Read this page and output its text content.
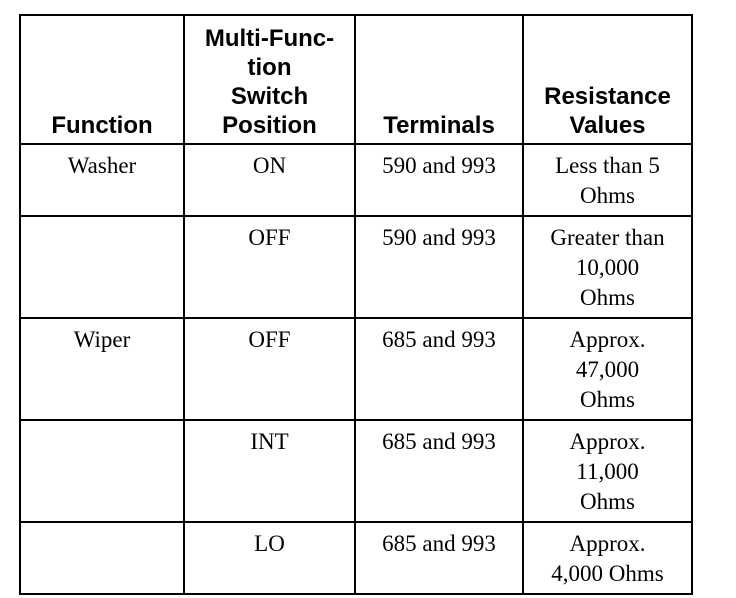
Function	Multi-Func-
tion
Switch
Position	Terminals	Resistance
Values
Washer	ON	590 and 993	Less than 5
Ohms
	OFF	590 and 993	Greater than
10,000
Ohms
Wiper	OFF	685 and 993	Approx.
47,000
Ohms
	INT	685 and 993	Approx.
11,000
Ohms
	LO	685 and 993	Approx.
4,000 Ohms
